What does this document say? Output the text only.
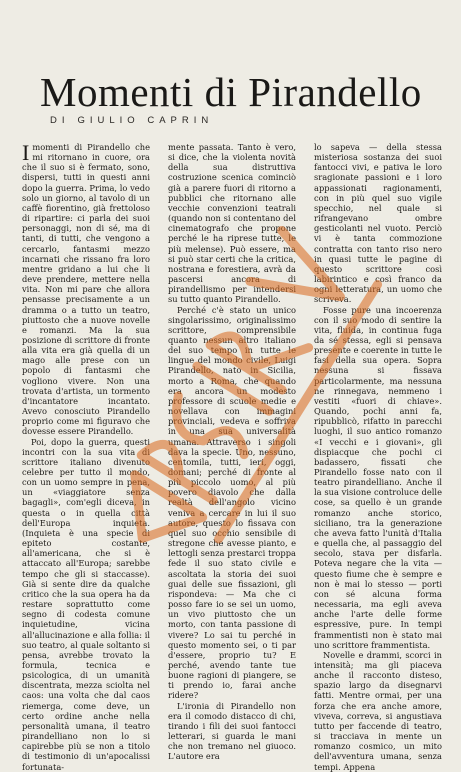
Momenti di Pirandello
DI GIULIO CAPRIN

Imomenti di Pirandello che mi ritornano in cuore, ora che il suo si è fermato, sono, dispersi, tutti in questi anni dopo la guerra. Prima, lo vedo solo un giorno, al tavolo di un caffè fiorentino, già frettoloso di ripartire: ci parla dei suoi personaggi, non di sé, ma di tanti, di tutti, che vengono a cercarlo, fantasmi mezzo incarnati che rissano fra loro mentre gridano a lui che li deve prendere, mettere nella vita. Non mi pare che allora pensasse precisamente a un dramma o a tutto un teatro, piuttosto che a nuove novelle e romanzi. Ma la sua posizione di scrittore di fronte alla vita era già quella di un mago alle prese con un popolo di fantasmi che vogliono vivere. Non una trovata d'artista, un tormento d'incantatore incantato. Avevo conosciuto Pirandello proprio come mi figuravo che dovesse essere Pirandello.

Poi, dopo la guerra, questi incontri con la sua vita di scrittore italiano divenuto celebre per tutto il mondo, con un uomo sempre in pena, un «viaggiatore senza bagagli», com'egli diceva, in questa o in quella città dell'Europa inquieta. (Inquieta è una specie di epiteto costante, all'americana, che si è attaccato all'Europa; sarebbe tempo che gli si staccasse). Già si sente dire da qualche critico che la sua opera ha da restare soprattutto come segno di codesta comune inquietudine, vicina all'allucinazione e alla follia: il suo teatro, al quale soltanto si pensa, avrebbe trovato la formula, tecnica e psicologica, di un umanità discentrata, mezza sciolta nel caos: una volta che dal caos riemerga, come deve, un certo ordine anche nella personalità umana, il teatro pirandelliano non lo si capirebbe più se non a titolo di testimonio di un'apocalissi fortunata-

mente passata. Tanto è vero, si dice, che la violenta novità della sua distruttiva costruzione scenica cominciò già a parere fuori di ritorno a pubblici che ritornano alle vecchie convenzioni teatrali (quando non si contentano del cinematografo che propone perché le ha riprese tutte, le più melense). Può essere, ma si può star certi che la critica, nostrana e forestiera, avrà da pascersi ancora di pirandellismo per intendersi su tutto quanto Pirandello.

Perché c'è stato un unico singolarissimo, originalissimo scrittore, comprensibile quanto nessun altro italiano del suo tempo in tutte le lingue del mondo civile, Luigi Pirandello, nato in Sicilia, morto a Roma, che quando era ancora un modesto professore di scuole medie e novellava con immagini provinciali, vedeva e soffriva in una sua universalità umana. Attraverso i singoli dava la specie. Uno, nessuno, centomila, tutti, ieri, oggi, domani; perché di fronte al più piccolo uomo, al più povero diavolo che dalla realtà dell'angolo vicino veniva a cercare in lui il suo autore, questo lo fissava con quel suo occhio sensibile di stregone che avesse pianto, e lettogli senza prestarci troppa fede il suo stato civile e ascoltata la storia dei suoi guai delle sue fissazioni, gli rispondeva: — Ma che ci posso fare io se sei un uomo, un vivo piuttosto che un morto, con tanta passione di vivere? Lo sai tu perché in questo momento sei, o ti par d'essere, proprio tu? E perché, avendo tante tue buone ragioni di piangere, se ti prendo io, farai anche ridere?

L'ironia di Pirandello non era il comodo distacco di chi, tirando i fili dei suoi fantocci letterari, si guarda le mani che non tremano nel giuoco. L'autore era

lo sapeva — della stessa misteriosa sostanza dei suoi fantocci vivi, e pativa le loro sragionate passioni e i loro appassionati ragionamenti, con in più quel suo vigile specchio, nel quale si rifrangevano ombre gesticolanti nel vuoto. Perciò vi è tanta commozione contratta con tanto riso nero in quasi tutte le pagine di questo scrittore così labirintico e così franco da ogni letteratura, un uomo che scriveva.

Fosse pure una incoerenza con il suo modo di sentire la vita, fluida, in continua fuga da sé stessa, egli si pensava presente e coerente in tutte le fasi della sua opera. Sopra nessuna si fissava particolarmente, ma nessuna ne rinnegava, nemmeno i vestiti «fuori di chiave». Quando, pochi anni fa, ripubblicò, rifatto in parecchi luoghi, il suo antico romanzo «I vecchi e i giovani», gli dispiacque che pochi ci badassero, fissati che Pirandello fosse nato con il teatro pirandelliano. Anche il la sua visione controluce delle cose, sa quello è un grande romanzo anche storico, siciliano, tra la generazione che aveva fatto l'unità d'Italia e quella che, al passaggio del secolo, stava per disfarla. Poteva negare che la vita — questo fiume che è sempre e non è mai lo stesso — porti con sé alcuna forma necessaria, ma egli aveva anche l'arte delle forme espressive, pure. In tempi frammentisti non è stato mai uno scrittore frammentista.

Novelle e drammi, scorci in intensità; ma gli piaceva anche il racconto disteso, spazio largo da disegnarvi fatti. Mentre ormai, per una forza che era anche amore, viveva, correva, si angustiava tutto per faccende di teatro, si tracciava in mente un romanzo cosmico, un mito dell'avventura umana, senza tempi. Appena
